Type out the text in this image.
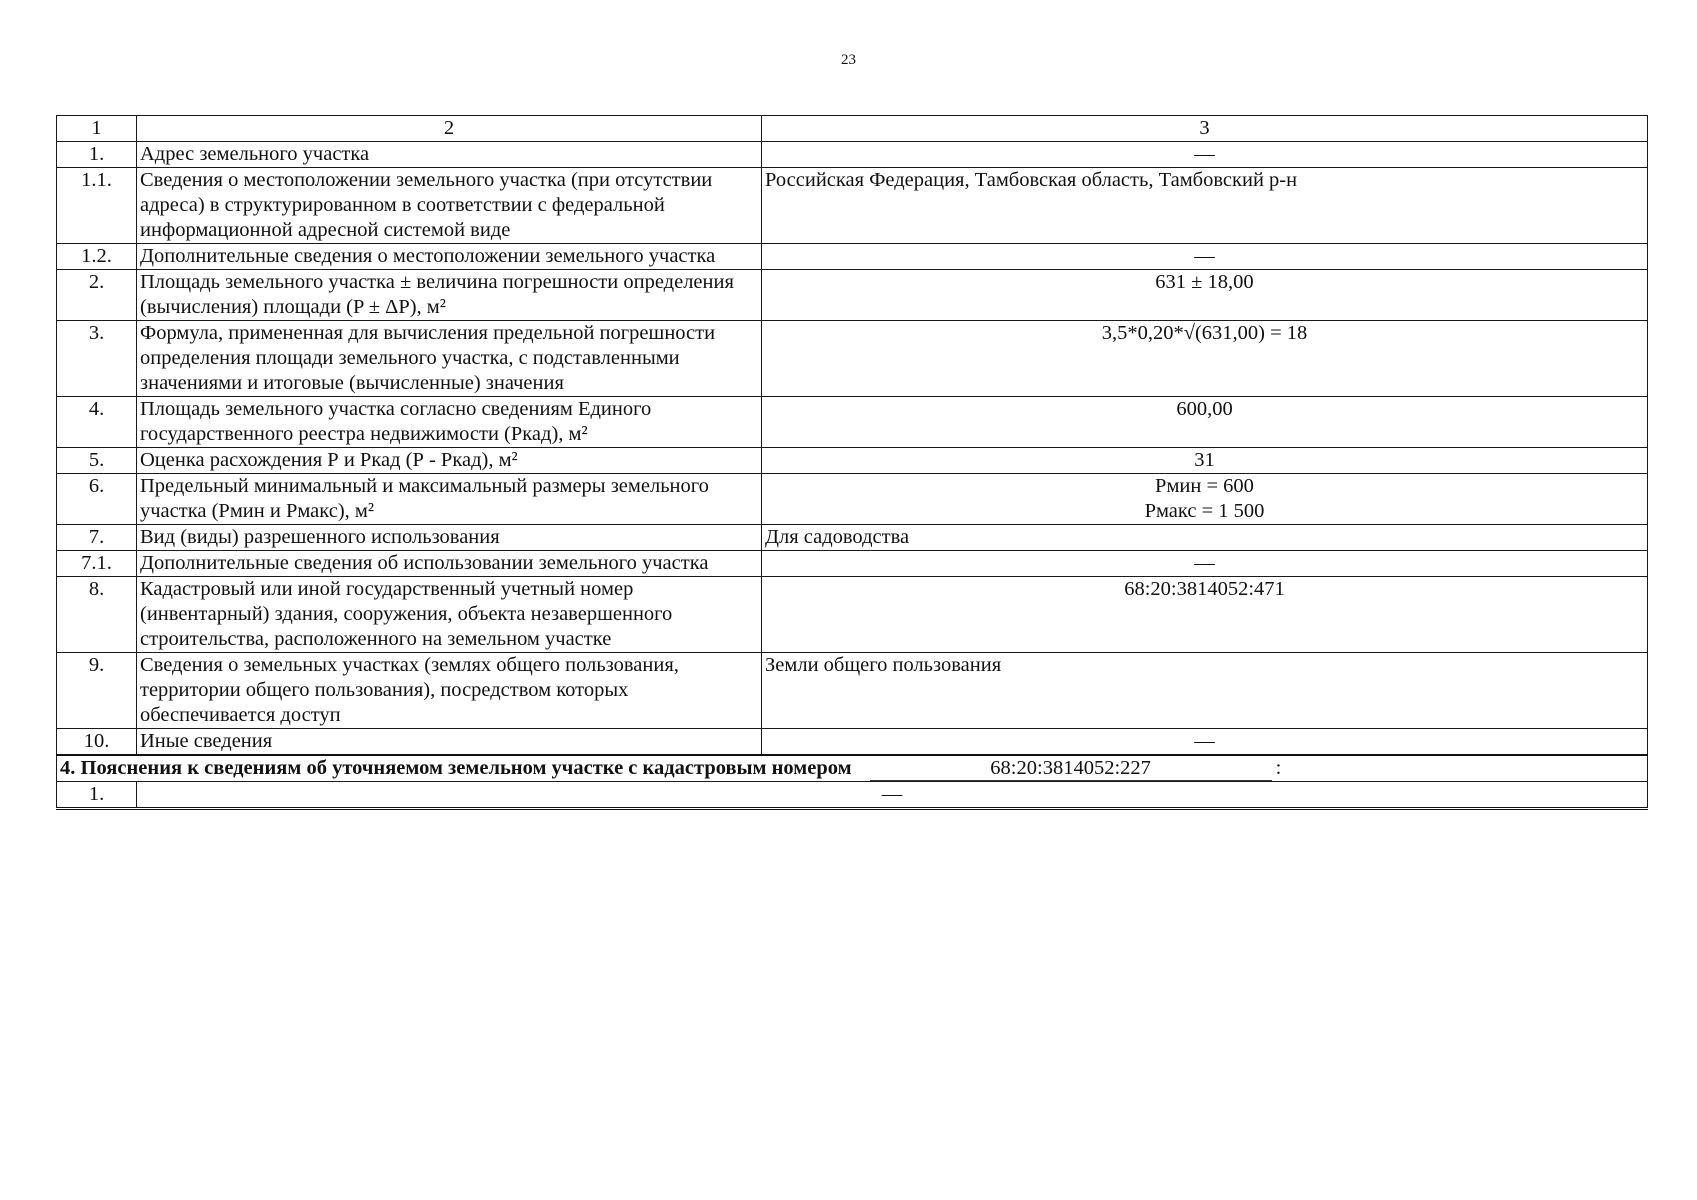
23
1	2	3
1.	Адрес земельного участка	—

1.1.	Сведения о местоположении земельного участка (при отсутствии адреса) в структурированном в соответствии с федеральной информационной адресной системой виде	Российская Федерация, Тамбовская область, Тамбовский р-н

1.2.	Дополнительные сведения о местоположении земельного участка	—

2.	Площадь земельного участка ± величина погрешности определения (вычисления) площади (P ± ΔP), м²	631 ± 18,00

3.	Формула, примененная для вычисления предельной погрешности определения площади земельного участка, с подставленными значениями и итоговые (вычисленные) значения	3,5*0,20*√(631,00) = 18

4.	Площадь земельного участка согласно сведениям Единого государственного реестра недвижимости (Ркад), м²	600,00

5.	Оценка расхождения Р и Ркад (Р - Ркад), м²	31

6.	Предельный минимальный и максимальный размеры земельного участка (Рмин и Рмакс), м²	Рмин = 600
Рмакс = 1 500

7.	Вид (виды) разрешенного использования	Для садоводства

7.1.	Дополнительные сведения об использовании земельного участка	—

8.	Кадастровый или иной государственный учетный номер (инвентарный) здания, сооружения, объекта незавершенного строительства, расположенного на земельном участке	68:20:3814052:471

9.	Сведения о земельных участках (землях общего пользования, территории общего пользования), посредством которых обеспечивается доступ	Земли общего пользования

10.	Иные сведения	—

4. Пояснения к сведениям об уточняемом земельном участке с кадастровым номером 68:20:3814052:227 :		
1.	—	
